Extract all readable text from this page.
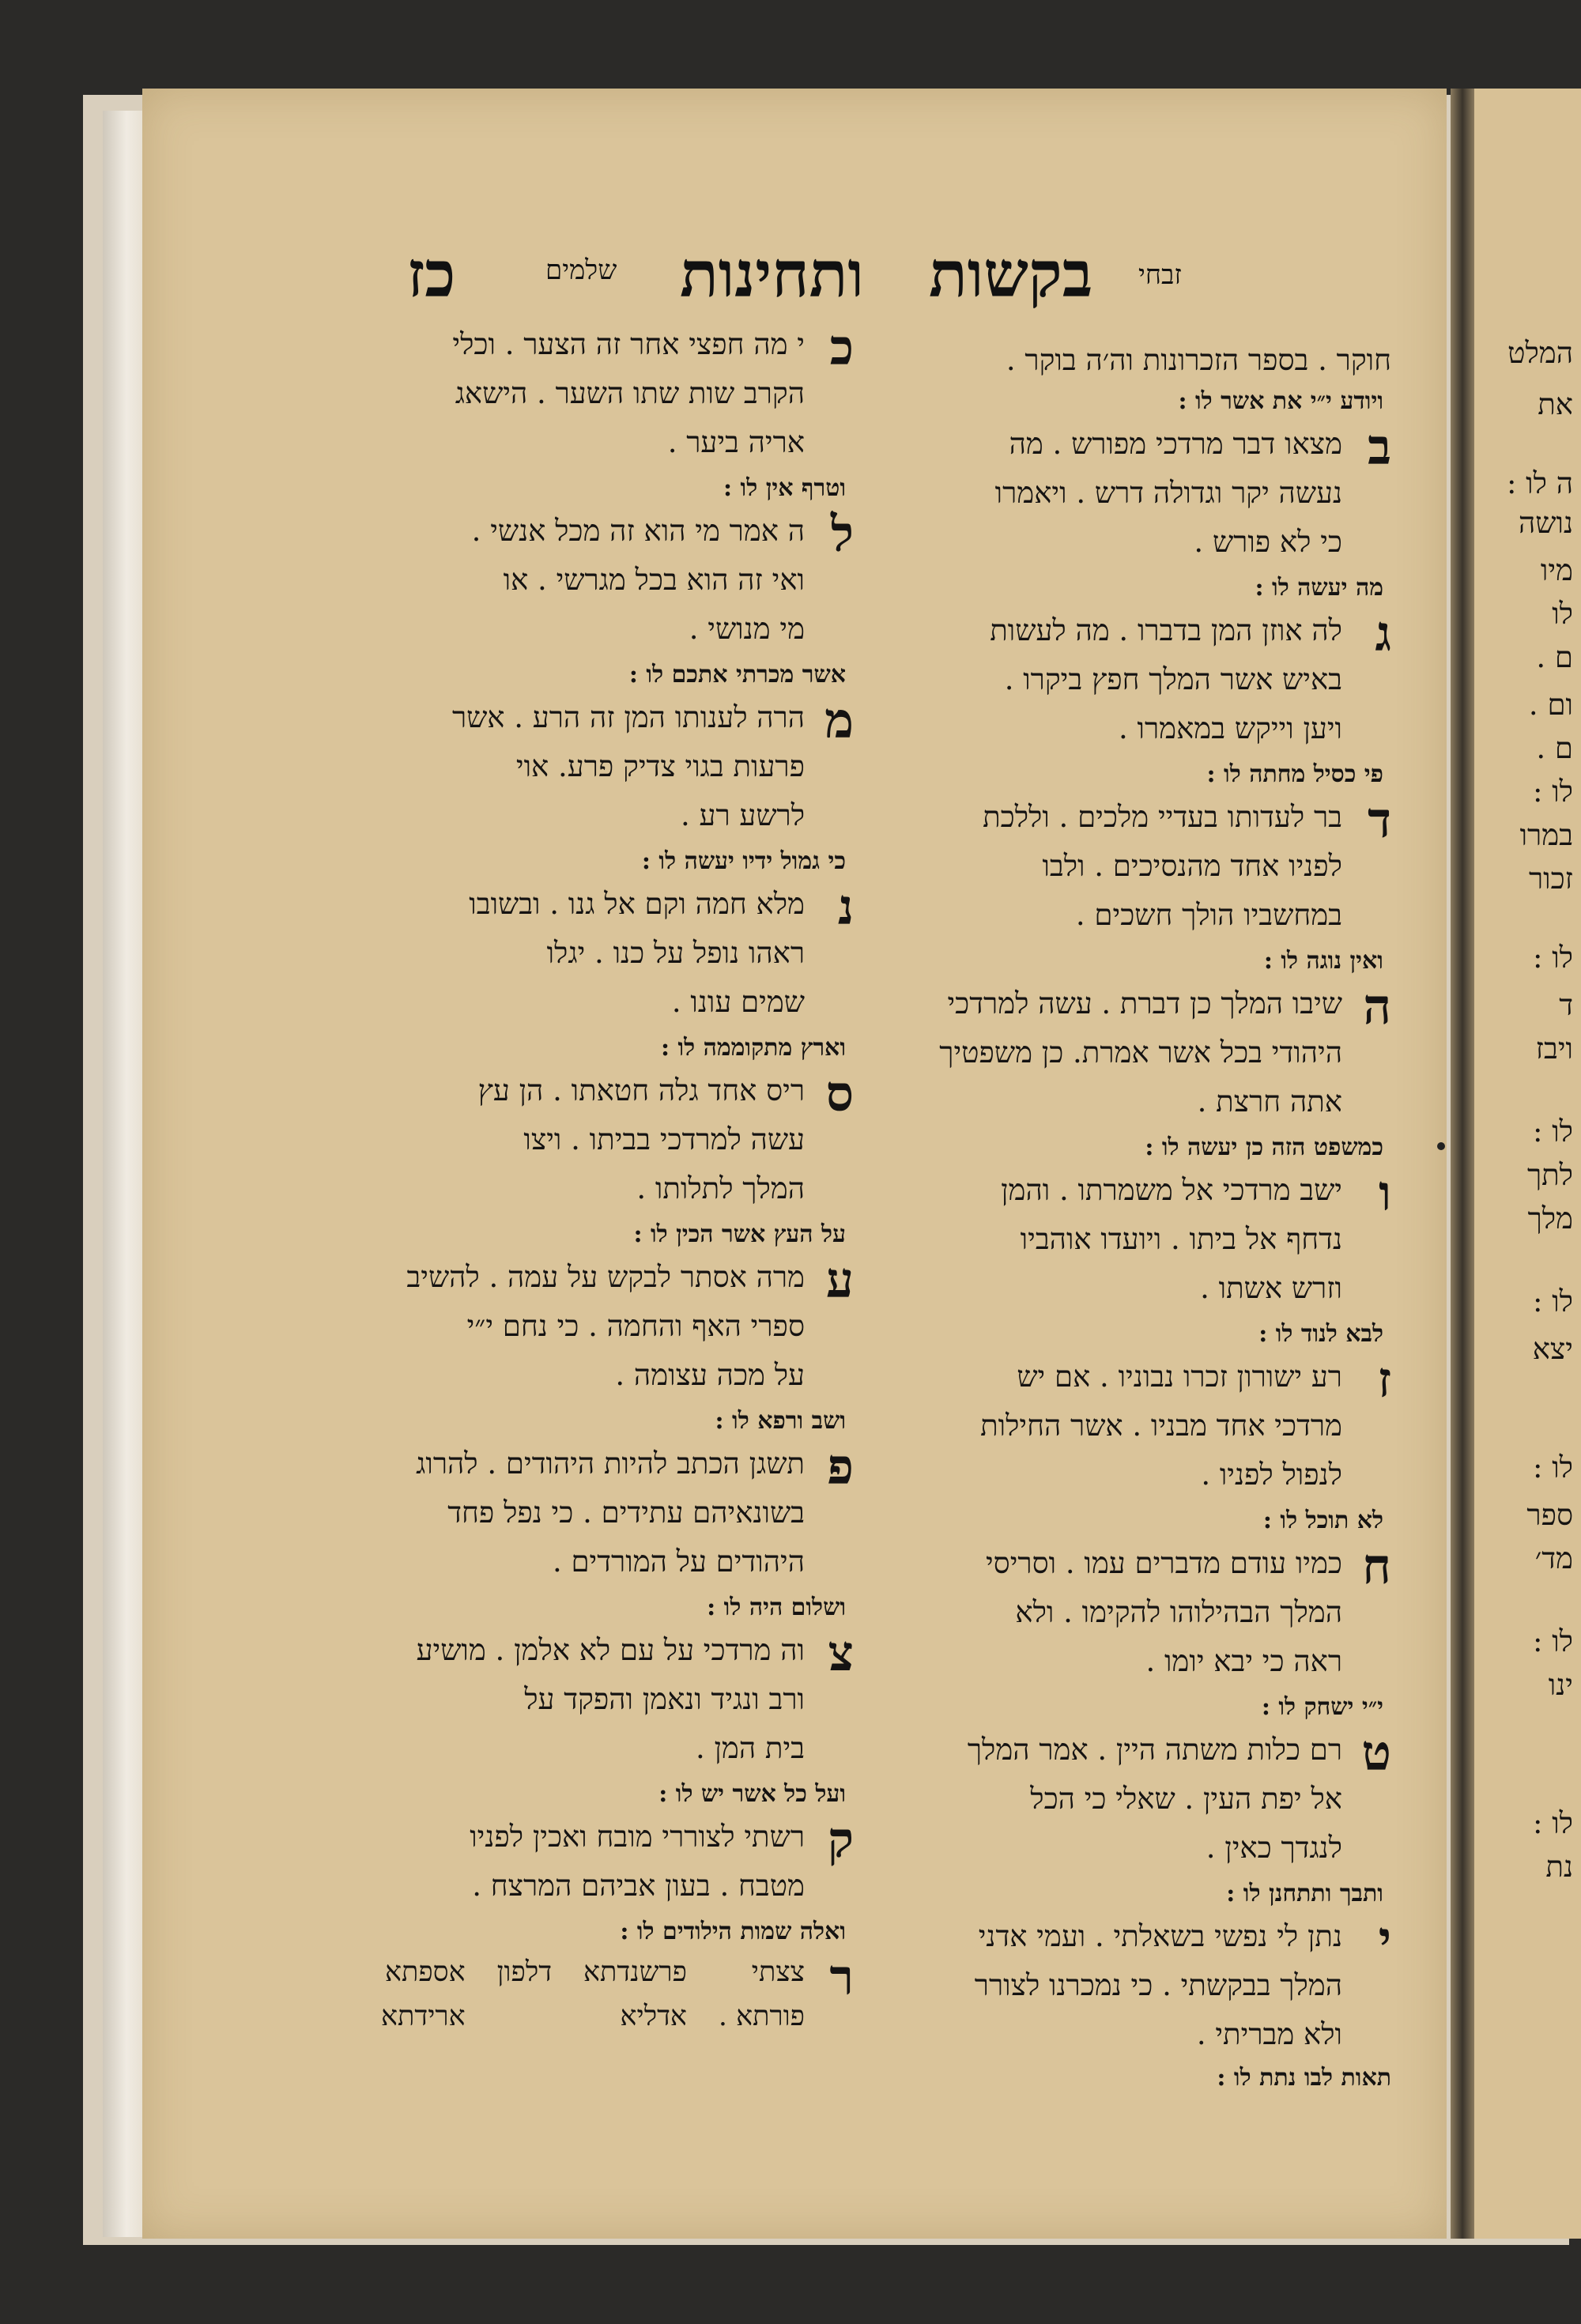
המלט
את
ה לו :
נושה
מיו
לו
ם .
ום .
ם .
לו :
במרו
זכור
לו :
ד
ויבז
לו :
לתך
מלך
לו :
יצא
לו :
ספר
מד׳
לו :
ינו
לו :
נת
כז	שלמים ותחינות בקשות זבחי

חוקר . בספר הזכרונות וה׳ה בוקר .

ויודע י״י את אשר לו :
ב

מצאו דבר מרדכי מפורש . מה

נעשה יקר וגדולה דרש . ויאמרו

כי לא פורש .

מה יעשה לו :
ג

לה אוזן המן בדברו . מה לעשות

באיש אשר המלך חפץ ביקרו .

ויען וייקש במאמרו .

פי כסיל מחתה לו :
ד

בר לעדותו בעדיי מלכים . וללכת

לפניו אחד מהנסיכים . ולבו

במחשביו הולך חשכים .

ואין נוגה לו :
ה

שיבו המלך כן דברת . עשה למרדכי

היהודי בכל אשר אמרת. כן משפטיך

אתה חרצת .

כמשפט הזה כן יעשה לו :
ו

ישב מרדכי אל משמרתו . והמן

נדחף אל ביתו . ויועדו אוהביו

וזרש אשתו .

לבא לנוד לו :
ז

רע ישורון זכרו נבוניו . אם יש

מרדכי אחד מבניו . אשר החילות

לנפול לפניו .

לא תוכל לו :
ח

כמיו עודם מדברים עמו . וסריסי

המלך הבהילוהו להקימו . ולא

ראה כי יבא יומו .

י״י ישחק לו :
ט

רם כלות משתה היין . אמר המלך

אל יפת העין . שאלי כי הכל

לנגדך כאין .

ותבך ותתחנן לו :
י

נתן לי נפשי בשאלתי . ועמי אדני

המלך בבקשתי . כי נמכרנו לצורר

ולא מבריתי .

תאות לבו נתת לו :
כ

י מה חפצי אחר זה הצער . וכלי

הקרב שות שתו השער . הישאג

אריה ביער .

וטרף אין לו :
ל

ה אמר מי הוא זה מכל אנשי .

ואי זה הוא בכל מגרשי . או

מי מנושי .

אשר מכרתי אתכם לו :
מ

הרה לענותו המן זה הרע . אשר

פרעות בגוי צדיק פרע. אוי

לרשע רע .

כי גמול ידיו יעשה לו :
נ

מלא חמה וקם אל גנו . ובשובו

ראהו נופל על כנו . יגלו

שמים עונו .

וארץ מתקוממה לו :
ס

ריס אחד גלה חטאתו . הן עץ

עשה למרדכי בביתו . ויצו

המלך לתלותו .

על העץ אשר הכין לו :
ע

מרה אסתר לבקש על עמה . להשיב

ספרי האף והחמה . כי נחם י״י

על מכה עצומה .

ושב ורפא לו :
פ

תשגן הכתב להיות היהודים . להרוג

בשונאיהם עתידים . כי נפל פחד

היהודים על המורדים .

ושלום היה לו :
צ

וה מרדכי על עם לא אלמן . מושיע

ורב ונגיד ונאמן והפקד על

בית המן .

ועל כל אשר יש לו :
ק

רשתי לצוררי מובח ואכין לפניו

מטבח . בעון אביהם המרצח .

ואלה שמות הילודים לו :
ר
צצתי
פורתא .
פרשנדתא
אדליא
דלפון
אספתא
ארידתא
